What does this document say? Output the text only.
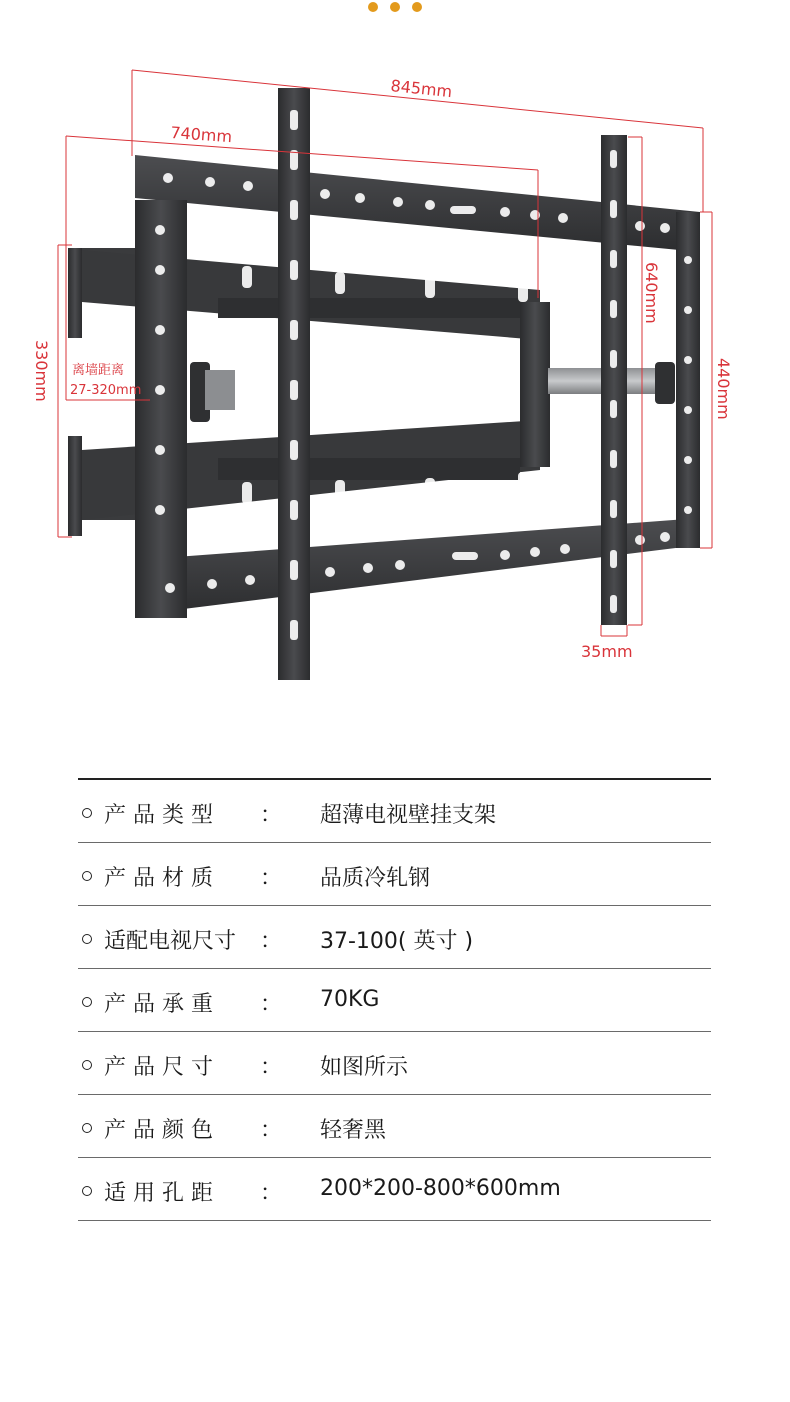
845mm
740mm
330mm
640mm
440mm
35mm
离墙距离
27-320mm
产 品 类 型 ： 超薄电视壁挂支架
产 品 材 质 ： 品质冷轧钢
适配电视尺寸 ： 37-100( 英寸 )
产 品 承 重 ： 70KG
产 品 尺 寸 ： 如图所示
产 品 颜 色 ： 轻奢黑
适 用 孔 距 ： 200*200-800*600mm
